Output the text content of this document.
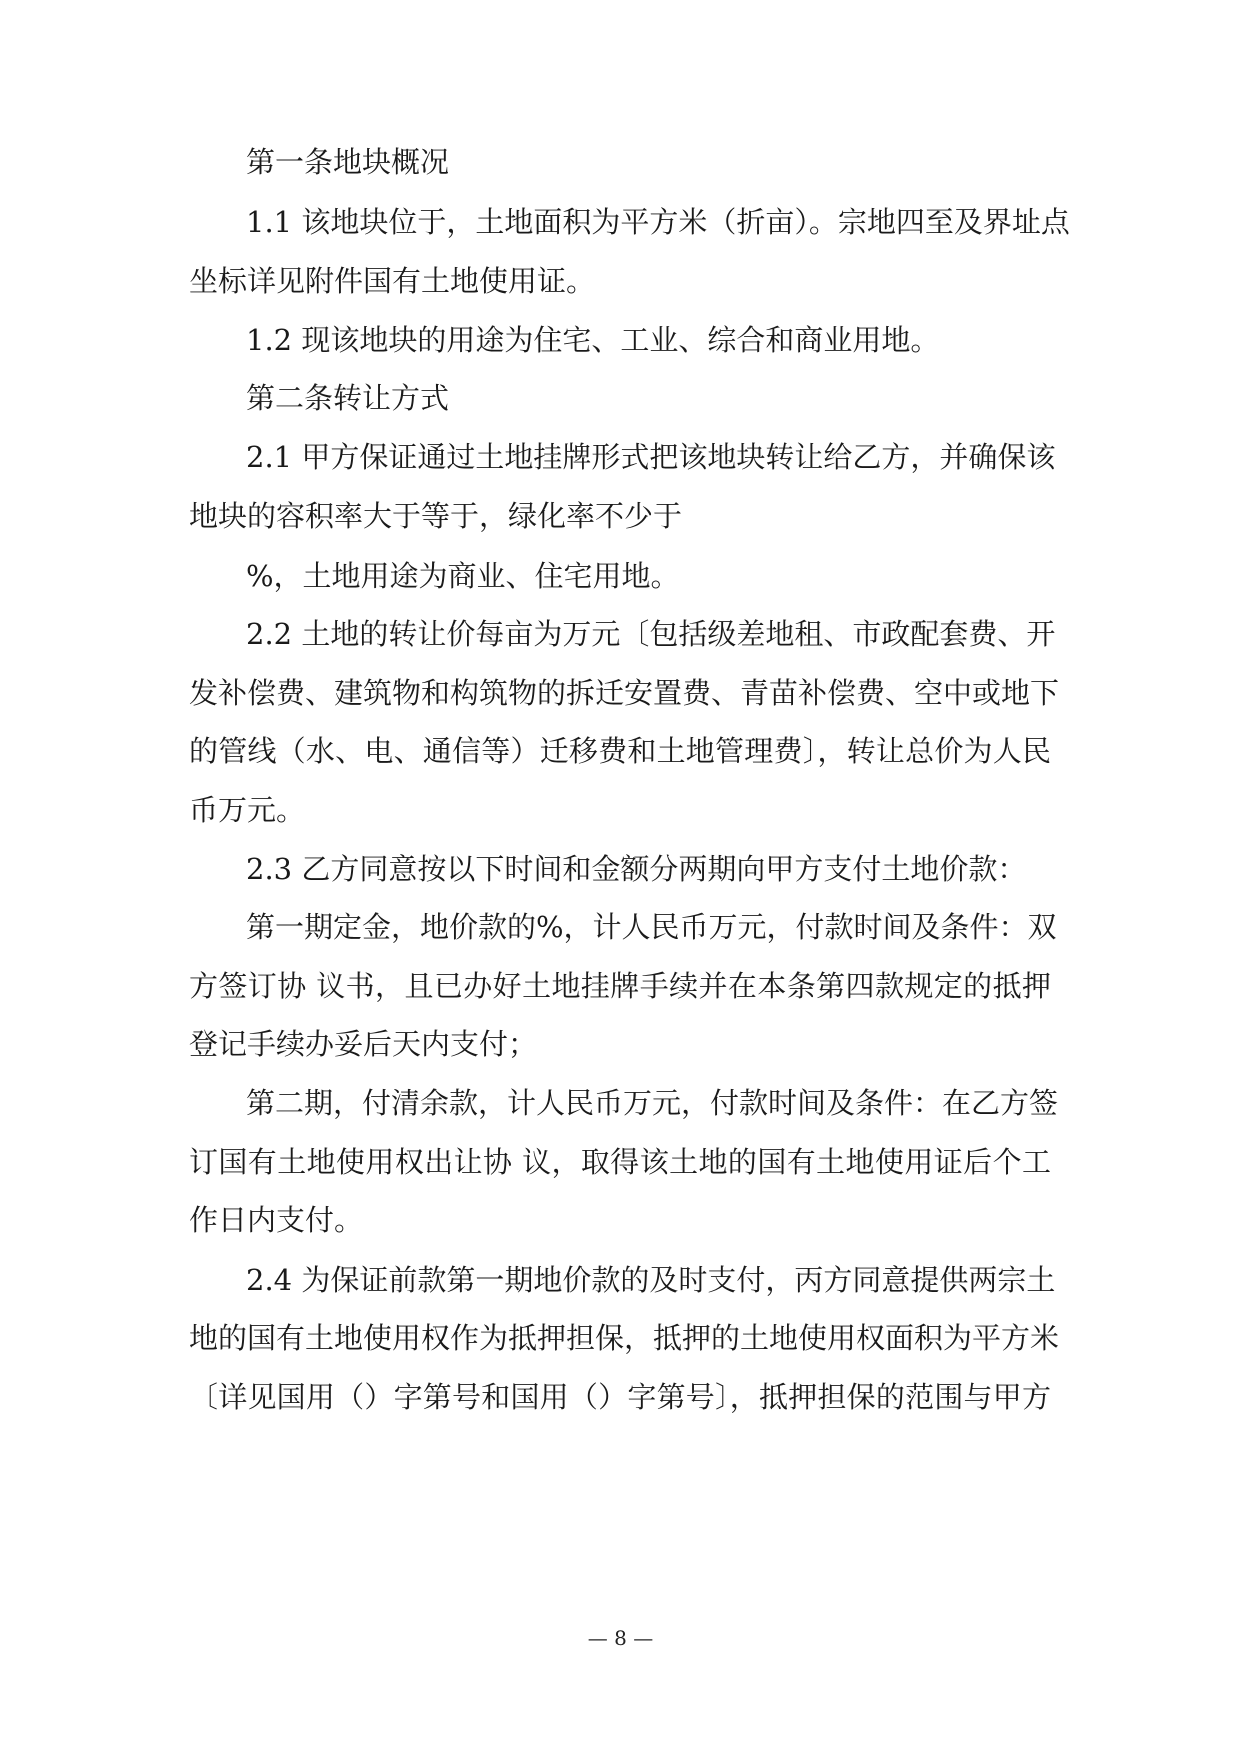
第一条地块概况
1.1 该地块位于，土地面积为平方米（折亩）。宗地四至及界址点
坐标详见附件国有土地使用证。
1.2 现该地块的用途为住宅、工业、综合和商业用地。
第二条转让方式
2.1 甲方保证通过土地挂牌形式把该地块转让给乙方，并确保该
地块的容积率大于等于，绿化率不少于
%，土地用途为商业、住宅用地。
2.2 土地的转让价每亩为万元〔包括级差地租、市政配套费、开
发补偿费、建筑物和构筑物的拆迁安置费、青苗补偿费、空中或地下
的管线（水、电、通信等）迁移费和土地管理费〕，转让总价为人民
币万元。
2.3 乙方同意按以下时间和金额分两期向甲方支付土地价款：
第一期定金，地价款的%，计人民币万元，付款时间及条件：双
方签订协 议书，且已办好土地挂牌手续并在本条第四款规定的抵押
登记手续办妥后天内支付；
第二期，付清余款，计人民币万元，付款时间及条件：在乙方签
订国有土地使用权出让协 议，取得该土地的国有土地使用证后个工
作日内支付。
2.4 为保证前款第一期地价款的及时支付，丙方同意提供两宗土
地的国有土地使用权作为抵押担保，抵押的土地使用权面积为平方米
〔详见国用（）字第号和国用（）字第号〕，抵押担保的范围与甲方
— 8 —
